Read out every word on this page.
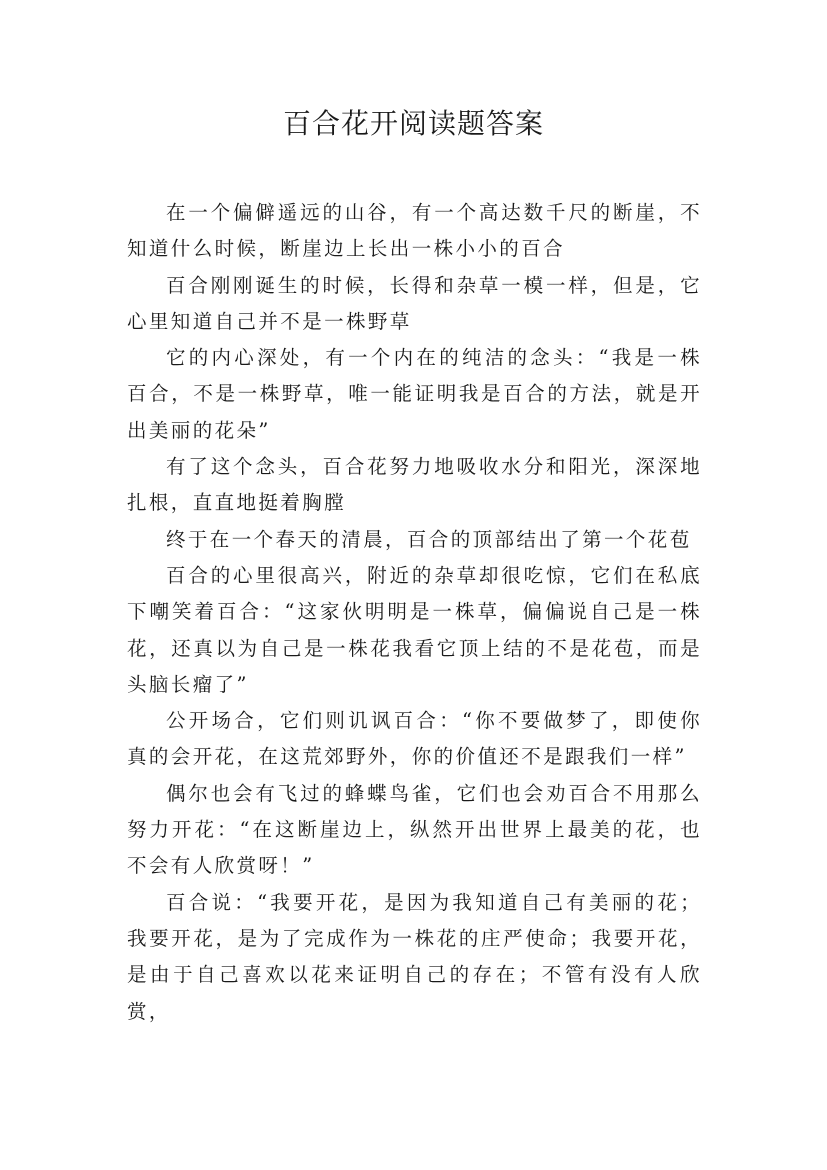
百合花开阅读题答案

在一个偏僻遥远的山谷，有一个高达数千尺的断崖，不知道什么时候，断崖边上长出一株小小的百合

百合刚刚诞生的时候，长得和杂草一模一样，但是，它心里知道自己并不是一株野草

它的内心深处，有一个内在的纯洁的念头：“我是一株百合，不是一株野草，唯一能证明我是百合的方法，就是开出美丽的花朵”

有了这个念头，百合花努力地吸收水分和阳光，深深地扎根，直直地挺着胸膛

终于在一个春天的清晨，百合的顶部结出了第一个花苞

百合的心里很高兴，附近的杂草却很吃惊，它们在私底下嘲笑着百合：“这家伙明明是一株草，偏偏说自己是一株花，还真以为自己是一株花我看它顶上结的不是花苞，而是头脑长瘤了”

公开场合，它们则讥讽百合：“你不要做梦了，即使你真的会开花，在这荒郊野外，你的价值还不是跟我们一样”

偶尔也会有飞过的蜂蝶鸟雀，它们也会劝百合不用那么努力开花：“在这断崖边上，纵然开出世界上最美的花，也不会有人欣赏呀！”

百合说：“我要开花，是因为我知道自己有美丽的花；我要开花，是为了完成作为一株花的庄严使命；我要开花，是由于自己喜欢以花来证明自己的存在；不管有没有人欣赏，
